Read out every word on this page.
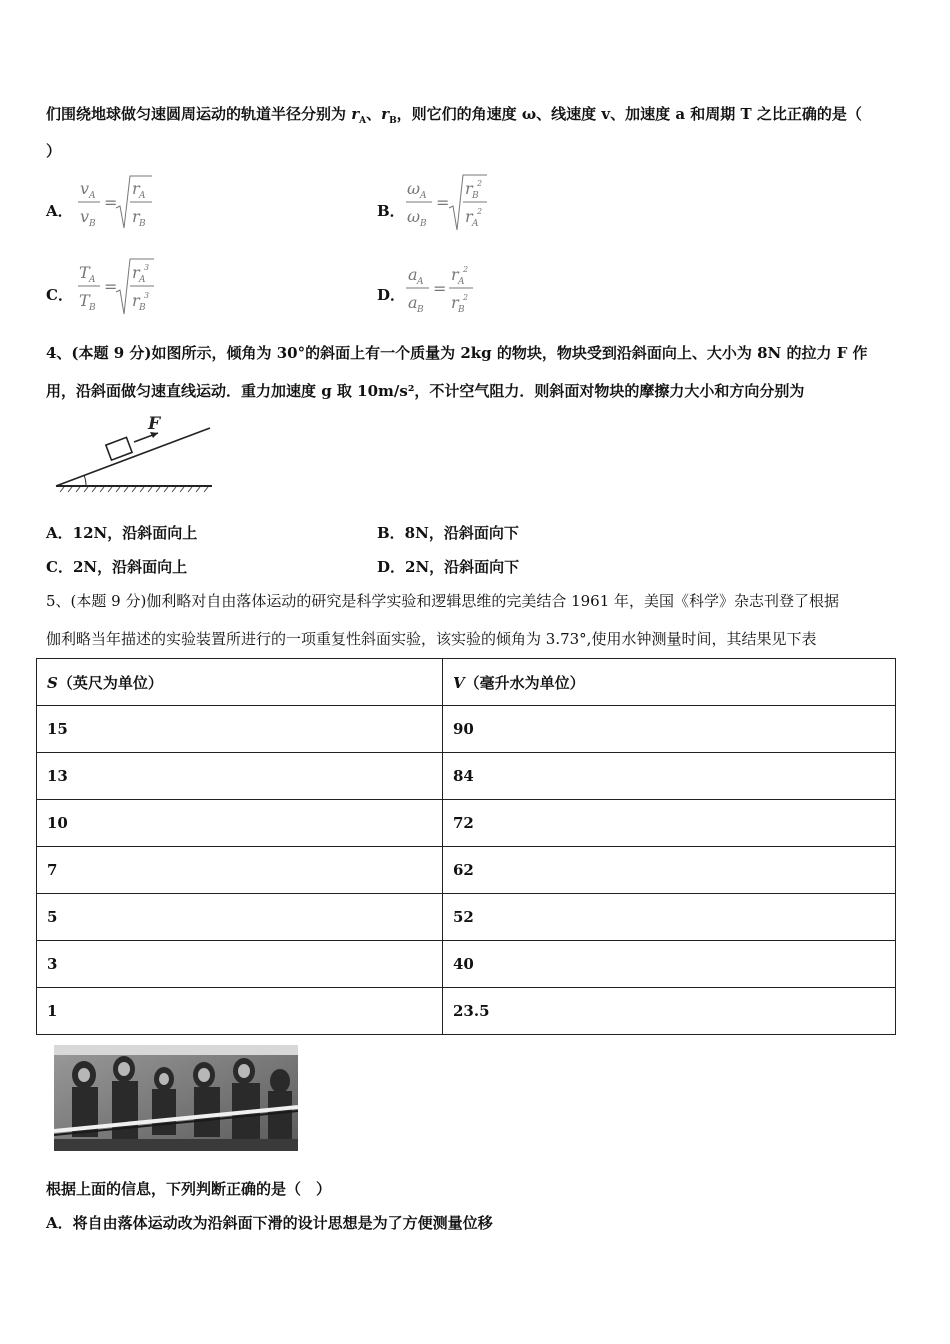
们围绕地球做匀速圆周运动的轨道半径分别为 $r_A$、$r_B$，则它们的角速度 ω、线速度 v、加速度 a 和周期 T 之比正确的是（
）
A．
v A
v B
=
r A
r B
B．
ω A
ω B
=
r B
2
r A
2
C．
T A
T B
=
r A
3
r B
3	D．
a A
a B
=
r A
2
r B
2
4、(本题 9 分)如图所示，倾角为 30°的斜面上有一个质量为 2kg 的物块，物块受到沿斜面向上、大小为 8N 的拉力 F 作
用，沿斜面做匀速直线运动．重力加速度 g 取 10m/s²，不计空气阻力．则斜面对物块的摩擦力大小和方向分别为
F
A．12N，沿斜面向上	B．8N，沿斜面向下
C．2N，沿斜面向上	D．2N，沿斜面向下
5、(本题 9 分)伽利略对自由落体运动的研究是科学实验和逻辑思维的完美结合 1961 年，美国《科学》杂志刊登了根据
伽利略当年描述的实验装置所进行的一项重复性斜面实验，该实验的倾角为 3.73°,使用水钟测量时间，其结果见下表
S（英尺为单位）	V（毫升水为单位）
15	90
13	84
10	72
7	62
5	52
3	40
1	23.5
根据上面的信息，下列判断正确的是（　）
A．将自由落体运动改为沿斜面下滑的设计思想是为了方便测量位移
